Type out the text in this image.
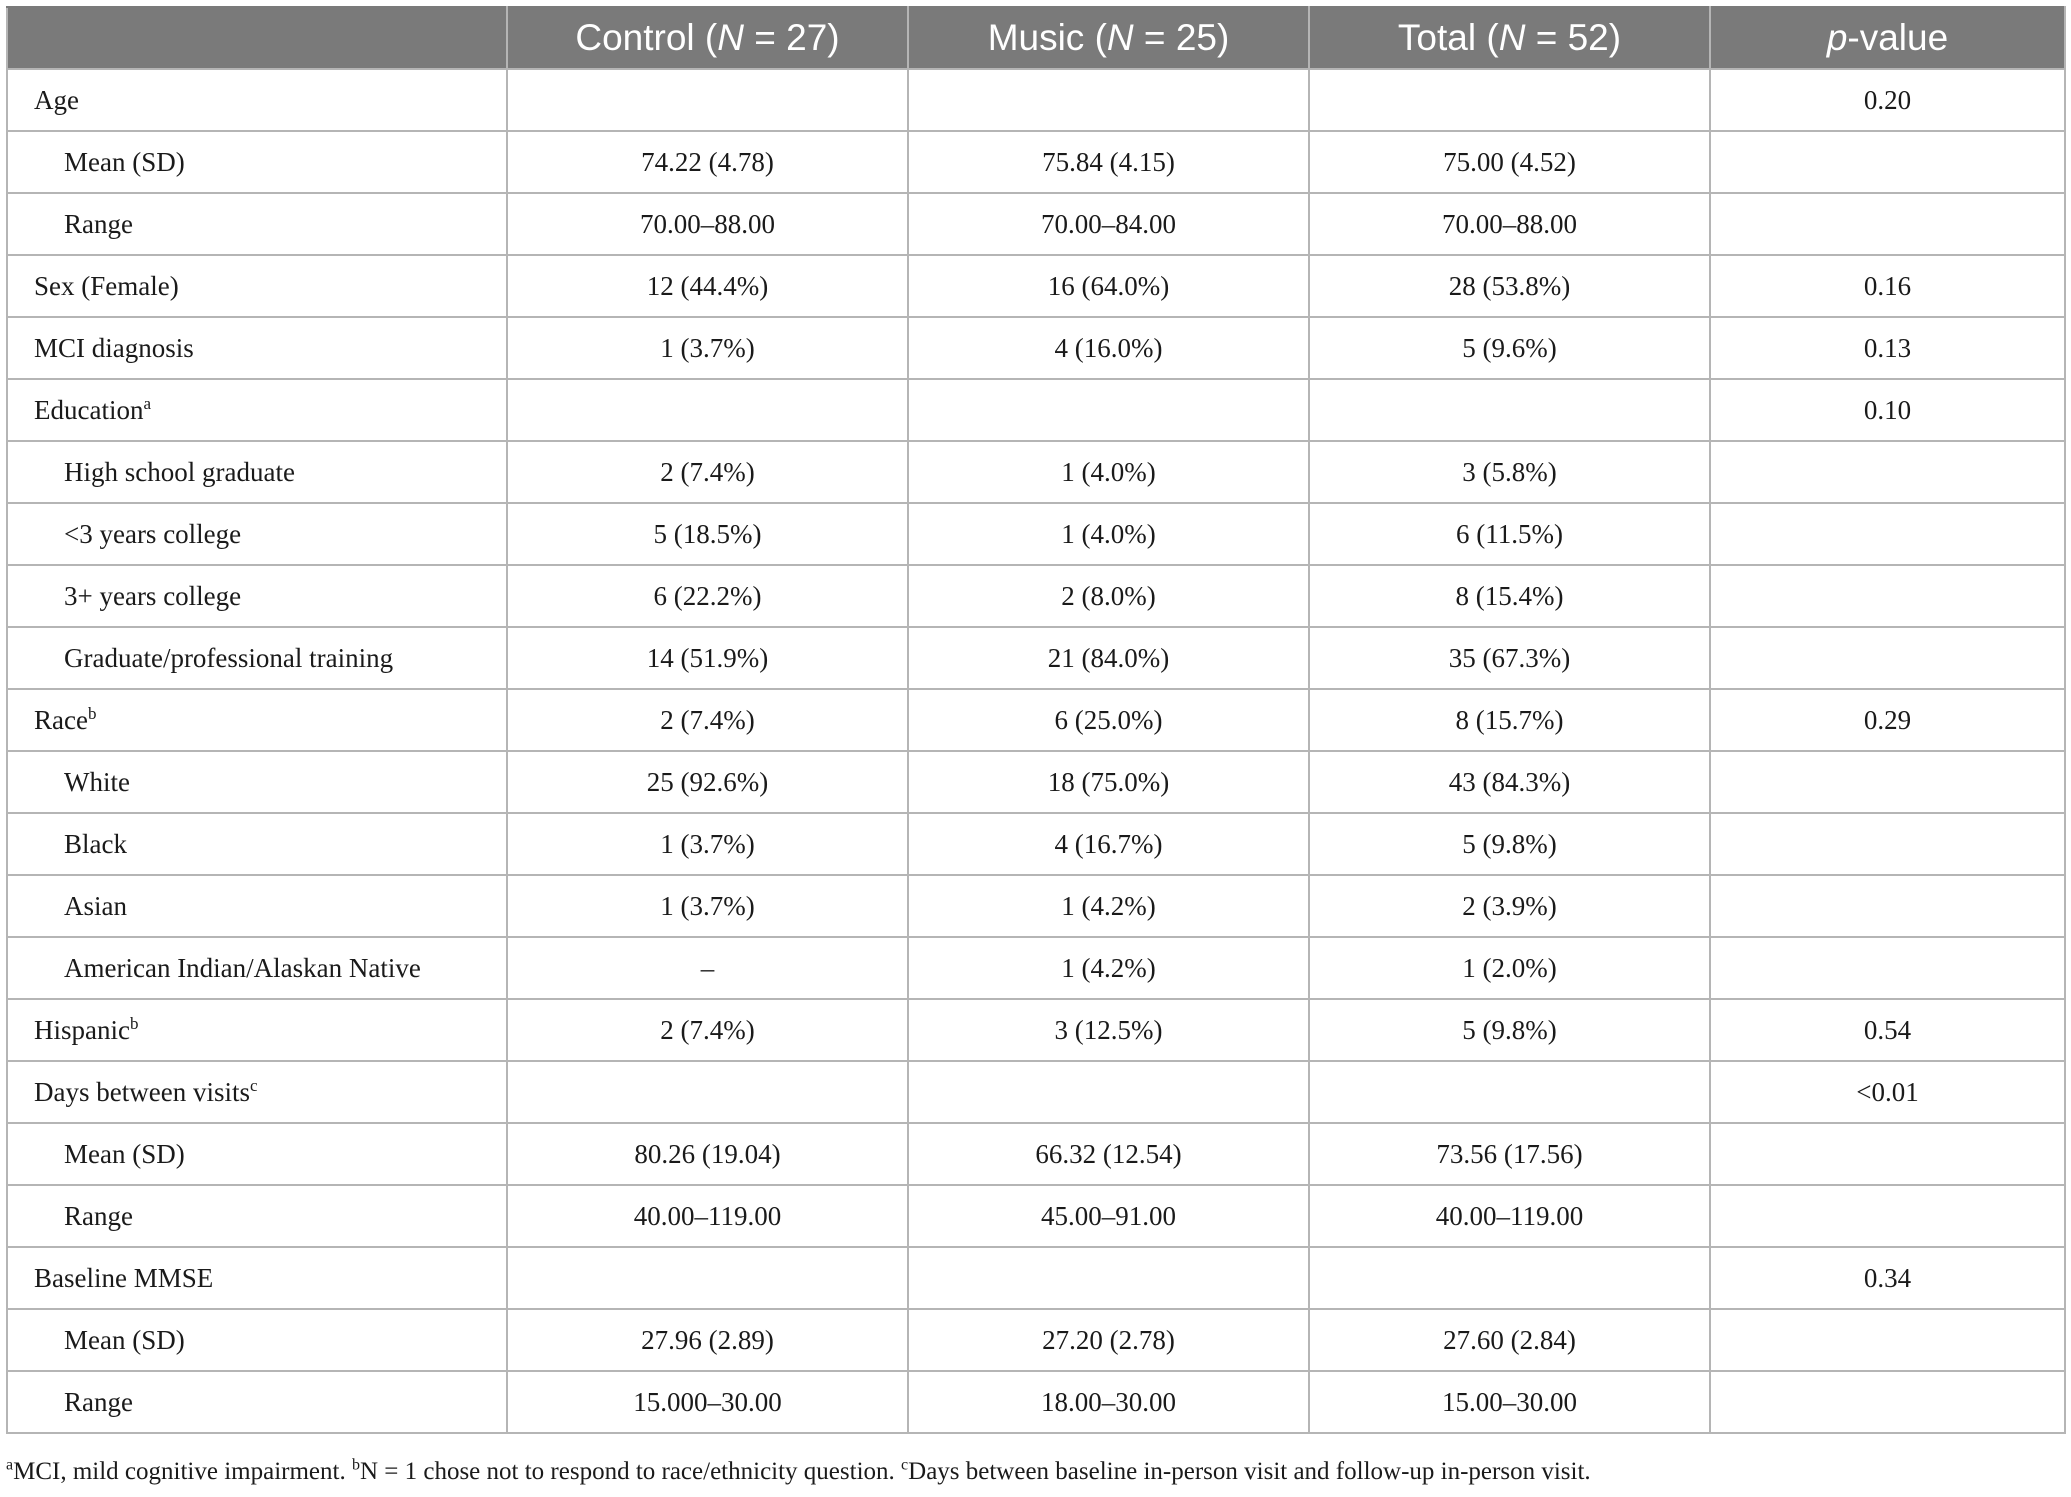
	Control (N = 27)	Music (N = 25)	Total (N = 52)	p-value
Age				0.20
Mean (SD)	74.22 (4.78)	75.84 (4.15)	75.00 (4.52)	
Range	70.00–88.00	70.00–84.00	70.00–88.00	
Sex (Female)	12 (44.4%)	16 (64.0%)	28 (53.8%)	0.16
MCI diagnosis	1 (3.7%)	4 (16.0%)	5 (9.6%)	0.13
Education$^a$				0.10
High school graduate	2 (7.4%)	1 (4.0%)	3 (5.8%)	
<3 years college	5 (18.5%)	1 (4.0%)	6 (11.5%)	
3+ years college	6 (22.2%)	2 (8.0%)	8 (15.4%)	
Graduate/professional training	14 (51.9%)	21 (84.0%)	35 (67.3%)	
Race$^b$	2 (7.4%)	6 (25.0%)	8 (15.7%)	0.29
White	25 (92.6%)	18 (75.0%)	43 (84.3%)	
Black	1 (3.7%)	4 (16.7%)	5 (9.8%)	
Asian	1 (3.7%)	1 (4.2%)	2 (3.9%)	
American Indian/Alaskan Native	–	1 (4.2%)	1 (2.0%)	
Hispanic$^b$	2 (7.4%)	3 (12.5%)	5 (9.8%)	0.54
Days between visits$^c$				<0.01
Mean (SD)	80.26 (19.04)	66.32 (12.54)	73.56 (17.56)	
Range	40.00–119.00	45.00–91.00	40.00–119.00	
Baseline MMSE				0.34
Mean (SD)	27.96 (2.89)	27.20 (2.78)	27.60 (2.84)	
Range	15.000–30.00	18.00–30.00	15.00–30.00	
$^a$MCI, mild cognitive impairment. $^b$N = 1 chose not to respond to race/ethnicity question. $^c$Days between baseline in-person visit and follow-up in-person visit.
